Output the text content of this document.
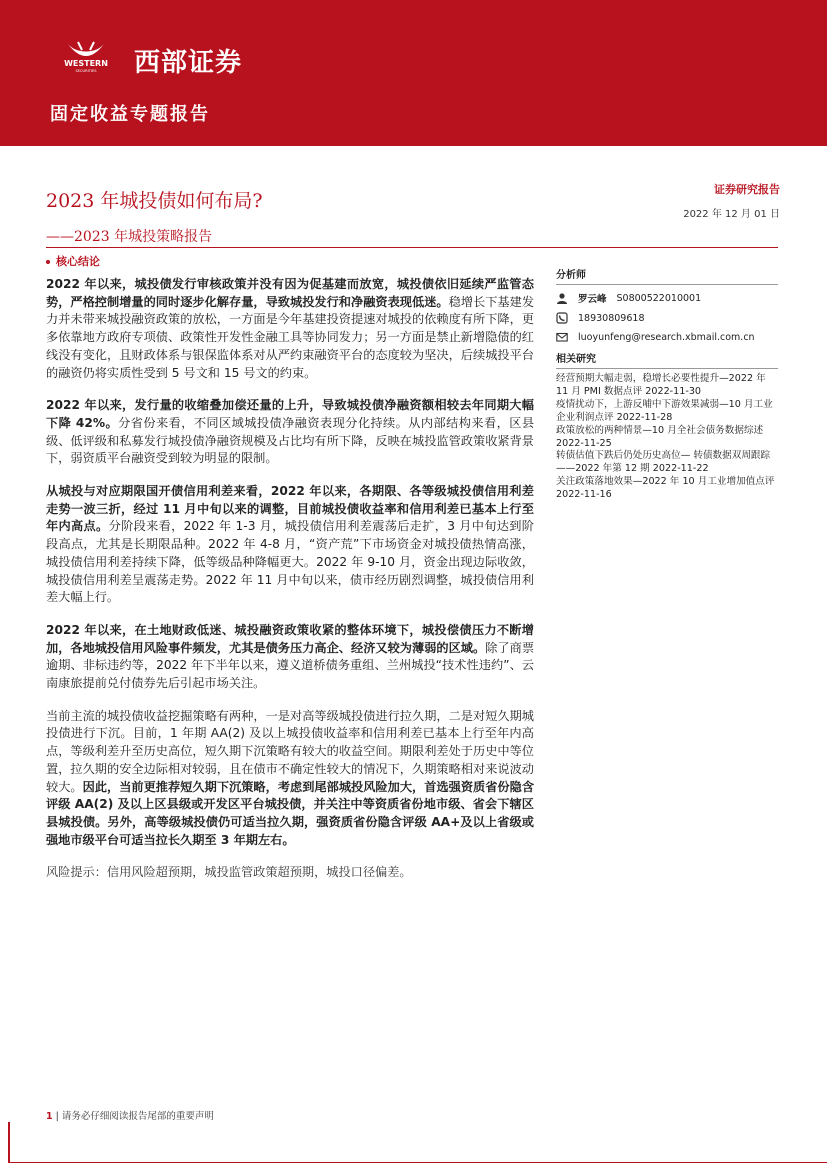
WESTERN
SECURITIES 西部证券
固定收益专题报告
2023 年城投债如何布局?
——2023 年城投策略报告
证券研究报告
2022 年 12 月 01 日
核心结论

2022 年以来，城投债发行审核政策并没有因为促基建而放宽，城投债依旧延续严监管态势，严格控制增量的同时逐步化解存量，导致城投发行和净融资表现低迷。稳增长下基建发力并未带来城投融资政策的放松，一方面是今年基建投资提速对城投的依赖度有所下降，更多依靠地方政府专项债、政策性开发性金融工具等协同发力；另一方面是禁止新增隐债的红线没有变化，且财政体系与银保监体系对从严约束融资平台的态度较为坚决，后续城投平台的融资仍将实质性受到 5 号文和 15 号文的约束。

2022 年以来，发行量的收缩叠加偿还量的上升，导致城投债净融资额相较去年同期大幅下降 42%。分省份来看，不同区域城投债净融资表现分化持续。从内部结构来看，区县级、低评级和私募发行城投债净融资规模及占比均有所下降，反映在城投监管政策收紧背景下，弱资质平台融资受到较为明显的限制。

从城投与对应期限国开债信用利差来看，2022 年以来，各期限、各等级城投债信用利差走势一波三折，经过 11 月中旬以来的调整，目前城投债收益率和信用利差已基本上行至年内高点。分阶段来看，2022 年 1-3 月，城投债信用利差震荡后走扩，3 月中旬达到阶段高点，尤其是长期限品种。2022 年 4-8 月，“资产荒”下市场资金对城投债热情高涨，城投债信用利差持续下降，低等级品种降幅更大。2022 年 9-10 月，资金出现边际收敛，城投债信用利差呈震荡走势。2022 年 11 月中旬以来，债市经历剧烈调整，城投债信用利差大幅上行。

2022 年以来，在土地财政低迷、城投融资政策收紧的整体环境下，城投偿债压力不断增加，各地城投信用风险事件频发，尤其是债务压力高企、经济又较为薄弱的区域。除了商票逾期、非标违约等，2022 年下半年以来，遵义道桥债务重组、兰州城投“技术性违约”、云南康旅提前兑付债券先后引起市场关注。

当前主流的城投债收益挖掘策略有两种，一是对高等级城投债进行拉久期，二是对短久期城投债进行下沉。目前，1 年期 AA(2) 及以上城投债收益率和信用利差已基本上行至年内高点，等级利差升至历史高位，短久期下沉策略有较大的收益空间。期限利差处于历史中等位置，拉久期的安全边际相对较弱，且在债市不确定性较大的情况下，久期策略相对来说波动较大。因此，当前更推荐短久期下沉策略，考虑到尾部城投风险加大，首选强资质省份隐含评级 AA(2) 及以上区县级或开发区平台城投债，并关注中等资质省份地市级、省会下辖区县城投债。另外，高等级城投债仍可适当拉久期，强资质省份隐含评级 AA+及以上省级或强地市级平台可适当拉长久期至 3 年期左右。

风险提示：信用风险超预期，城投监管政策超预期，城投口径偏差。

分析师
罗云峰 S0800522010001
18930809618
luoyunfeng@research.xbmail.com.cn
相关研究
经营预期大幅走弱，稳增长必要性提升—2022 年 11 月 PMI 数据点评 2022-11-30
疫情扰动下，上游反哺中下游效果减弱—10 月工业企业利润点评 2022-11-28
政策放松的两种情景—10 月全社会债务数据综述 2022-11-25
转债估值下跌后仍处历史高位— 转债数据双周跟踪——2022 年第 12 期 2022-11-22
关注政策落地效果—2022 年 10 月工业增加值点评 2022-11-16
1 | 请务必仔细阅读报告尾部的重要声明
